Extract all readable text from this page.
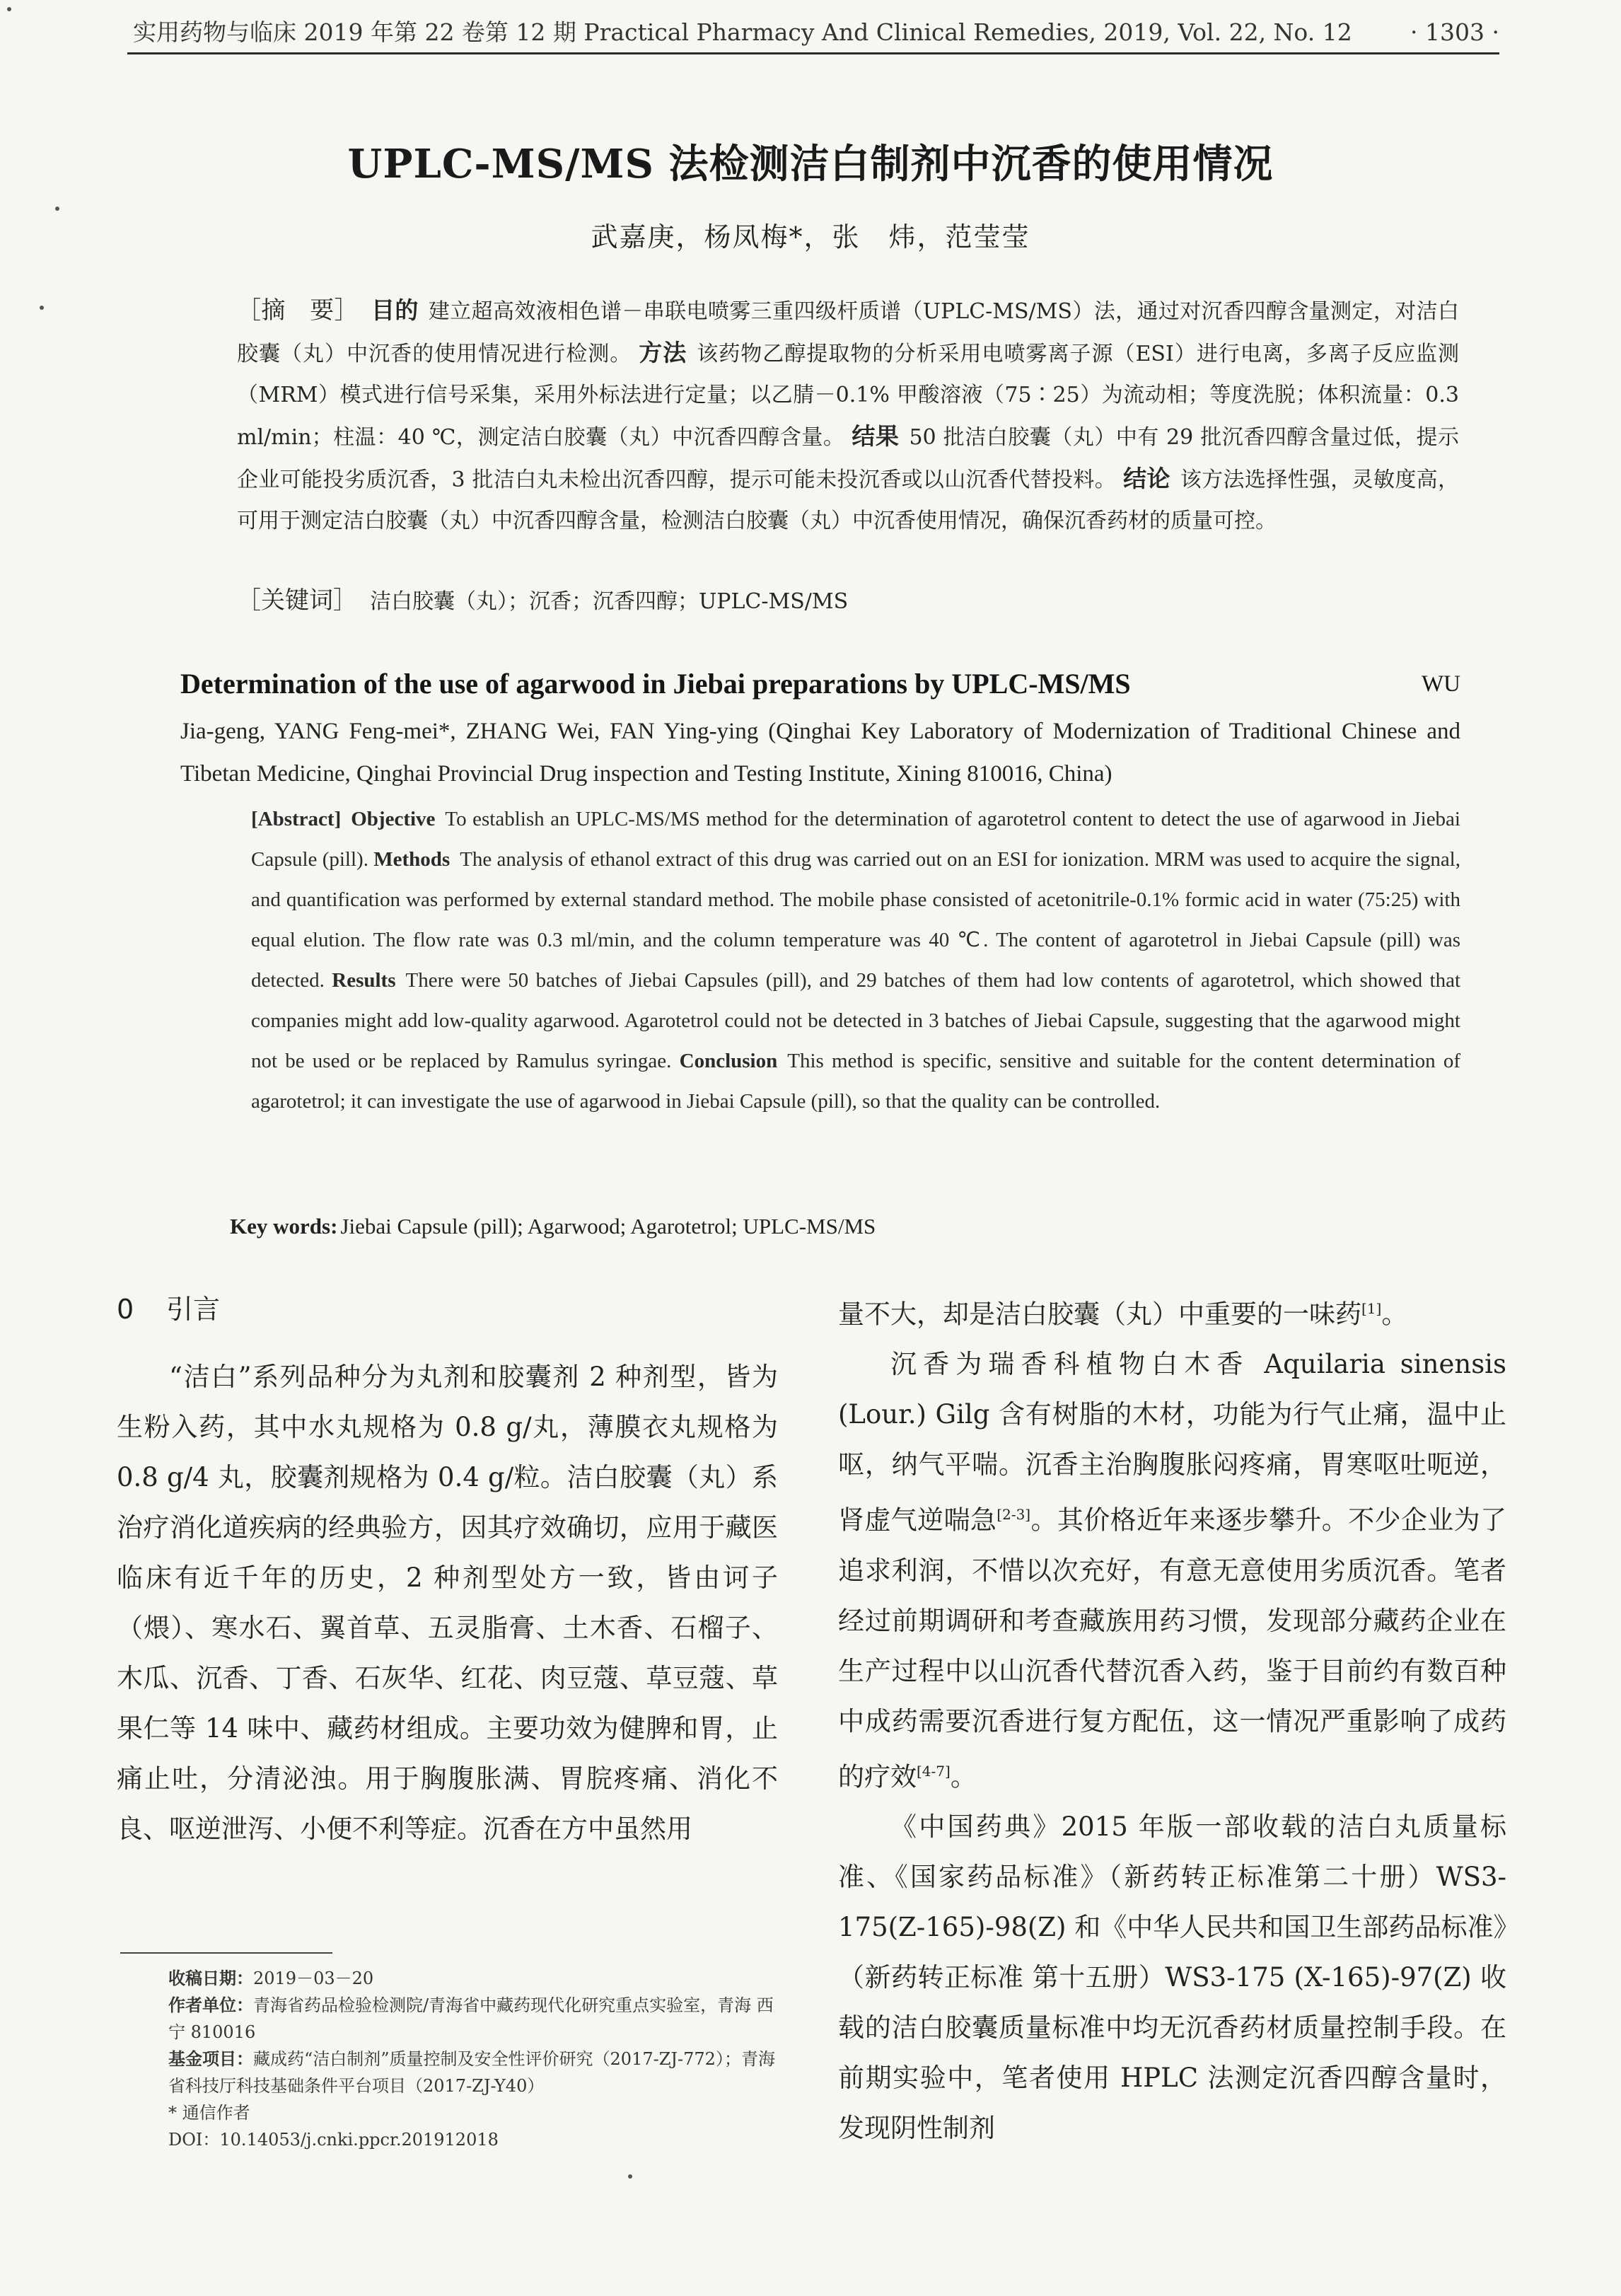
实用药物与临床 2019 年第 22 卷第 12 期 Practical Pharmacy And Clinical Remedies, 2019, Vol. 22, No. 12 · 1303 ·
UPLC-MS/MS 法检测洁白制剂中沉香的使用情况
武嘉庚，杨凤梅*，张　炜，范莹莹
［摘　要］ 目的 建立超高效液相色谱－串联电喷雾三重四级杆质谱（UPLC-MS/MS）法，通过对沉香四醇含量测定，对洁白胶囊（丸）中沉香的使用情况进行检测。 方法 该药物乙醇提取物的分析采用电喷雾离子源（ESI）进行电离，多离子反应监测（MRM）模式进行信号采集，采用外标法进行定量；以乙腈－0.1% 甲酸溶液（75∶25）为流动相；等度洗脱；体积流量：0.3 ml/min；柱温：40 ℃，测定洁白胶囊（丸）中沉香四醇含量。 结果 50 批洁白胶囊（丸）中有 29 批沉香四醇含量过低，提示企业可能投劣质沉香，3 批洁白丸未检出沉香四醇，提示可能未投沉香或以山沉香代替投料。 结论 该方法选择性强，灵敏度高，可用于测定洁白胶囊（丸）中沉香四醇含量，检测洁白胶囊（丸）中沉香使用情况，确保沉香药材的质量可控。
［关键词］ 洁白胶囊（丸）；沉香；沉香四醇；UPLC-MS/MS
Determination of the use of agarwood in Jiebai preparations by UPLC-MS/MS	WU
Jia-geng, YANG Feng-mei*, ZHANG Wei, FAN Ying-ying (Qinghai Key Laboratory of Modernization of Traditional Chinese and Tibetan Medicine, Qinghai Provincial Drug inspection and Testing Institute, Xining 810016, China)
[Abstract] Objective To establish an UPLC-MS/MS method for the determination of agarotetrol content to detect the use of agarwood in Jiebai Capsule (pill). Methods The analysis of ethanol extract of this drug was carried out on an ESI for ionization. MRM was used to acquire the signal, and quantification was performed by external standard method. The mobile phase consisted of acetonitrile-0.1% formic acid in water (75:25) with equal elution. The flow rate was 0.3 ml/min, and the column temperature was 40 ℃. The content of agarotetrol in Jiebai Capsule (pill) was detected. Results There were 50 batches of Jiebai Capsules (pill), and 29 batches of them had low contents of agarotetrol, which showed that companies might add low-quality agarwood. Agarotetrol could not be detected in 3 batches of Jiebai Capsule, suggesting that the agarwood might not be used or be replaced by Ramulus syringae. Conclusion This method is specific, sensitive and suitable for the content determination of agarotetrol; it can investigate the use of agarwood in Jiebai Capsule (pill), so that the quality can be controlled.
Key words: Jiebai Capsule (pill); Agarwood; Agarotetrol; UPLC-MS/MS
0 引言

“洁白”系列品种分为丸剂和胶囊剂 2 种剂型，皆为生粉入药，其中水丸规格为 0.8 g/丸，薄膜衣丸规格为 0.8 g/4 丸，胶囊剂规格为 0.4 g/粒。洁白胶囊（丸）系治疗消化道疾病的经典验方，因其疗效确切，应用于藏医临床有近千年的历史，2 种剂型处方一致，皆由诃子（煨）、寒水石、翼首草、五灵脂膏、土木香、石榴子、木瓜、沉香、丁香、石灰华、红花、肉豆蔻、草豆蔻、草果仁等 14 味中、藏药材组成。主要功效为健脾和胃，止痛止吐，分清泌浊。用于胸腹胀满、胃脘疼痛、消化不良、呕逆泄泻、小便不利等症。沉香在方中虽然用

量不大，却是洁白胶囊（丸）中重要的一味药[1]。

沉香为瑞香科植物白木香 Aquilaria sinensis (Lour.) Gilg 含有树脂的木材，功能为行气止痛，温中止呕，纳气平喘。沉香主治胸腹胀闷疼痛，胃寒呕吐呃逆，肾虚气逆喘急[2-3]。其价格近年来逐步攀升。不少企业为了追求利润，不惜以次充好，有意无意使用劣质沉香。笔者经过前期调研和考查藏族用药习惯，发现部分藏药企业在生产过程中以山沉香代替沉香入药，鉴于目前约有数百种中成药需要沉香进行复方配伍，这一情况严重影响了成药的疗效[4-7]。

《中国药典》2015 年版一部收载的洁白丸质量标准、《国家药品标准》（新药转正标准第二十册）WS3-175(Z-165)-98(Z) 和《中华人民共和国卫生部药品标准》（新药转正标准 第十五册）WS3-175 (X-165)-97(Z) 收载的洁白胶囊质量标准中均无沉香药材质量控制手段。在前期实验中，笔者使用 HPLC 法测定沉香四醇含量时，发现阴性制剂

收稿日期：2019－03－20
作者单位：青海省药品检验检测院/青海省中藏药现代化研究重点实验室，青海 西宁 810016
基金项目：藏成药“洁白制剂”质量控制及安全性评价研究（2017-ZJ-772）；青海省科技厅科技基础条件平台项目（2017-ZJ-Y40）
* 通信作者
DOI：10.14053/j.cnki.ppcr.201912018
